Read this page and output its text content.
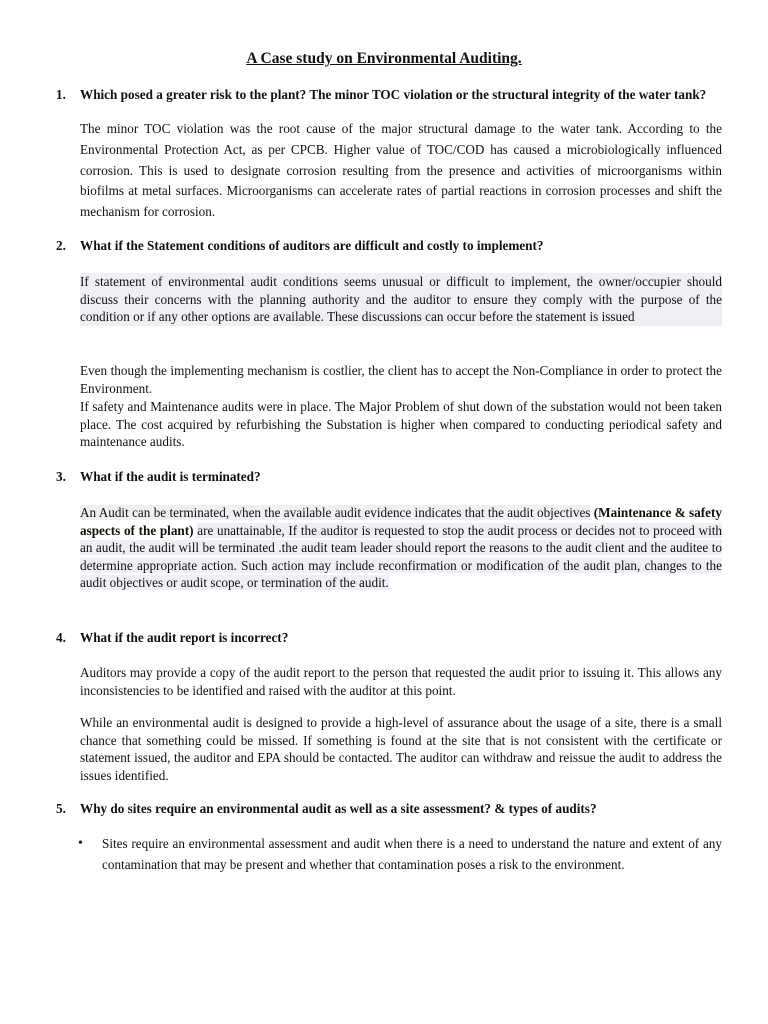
A Case study on Environmental Auditing.
1. Which posed a greater risk to the plant? The minor TOC violation or the structural integrity of the water tank?
The minor TOC violation was the root cause of the major structural damage to the water tank. According to the Environmental Protection Act, as per CPCB. Higher value of TOC/COD has caused a microbiologically influenced corrosion. This is used to designate corrosion resulting from the presence and activities of microorganisms within biofilms at metal surfaces. Microorganisms can accelerate rates of partial reactions in corrosion processes and shift the mechanism for corrosion.
2. What if the Statement conditions of auditors are difficult and costly to implement?
If statement of environmental audit conditions seems unusual or difficult to implement, the owner/occupier should discuss their concerns with the planning authority and the auditor to ensure they comply with the purpose of the condition or if any other options are available. These discussions can occur before the statement is issued
Even though the implementing mechanism is costlier, the client has to accept the Non-Compliance in order to protect the Environment.
If safety and Maintenance audits were in place. The Major Problem of shut down of the substation would not been taken place. The cost acquired by refurbishing the Substation is higher when compared to conducting periodical safety and maintenance audits.
3. What if the audit is terminated?
An Audit can be terminated, when the available audit evidence indicates that the audit objectives (Maintenance & safety aspects of the plant) are unattainable, If the auditor is requested to stop the audit process or decides not to proceed with an audit, the audit will be terminated .the audit team leader should report the reasons to the audit client and the auditee to determine appropriate action. Such action may include reconfirmation or modification of the audit plan, changes to the audit objectives or audit scope, or termination of the audit.
4. What if the audit report is incorrect?
Auditors may provide a copy of the audit report to the person that requested the audit prior to issuing it. This allows any inconsistencies to be identified and raised with the auditor at this point.
While an environmental audit is designed to provide a high-level of assurance about the usage of a site, there is a small chance that something could be missed. If something is found at the site that is not consistent with the certificate or statement issued, the auditor and EPA should be contacted. The auditor can withdraw and reissue the audit to address the issues identified.
5. Why do sites require an environmental audit as well as a site assessment? & types of audits?
• Sites require an environmental assessment and audit when there is a need to understand the nature and extent of any contamination that may be present and whether that contamination poses a risk to the environment.
